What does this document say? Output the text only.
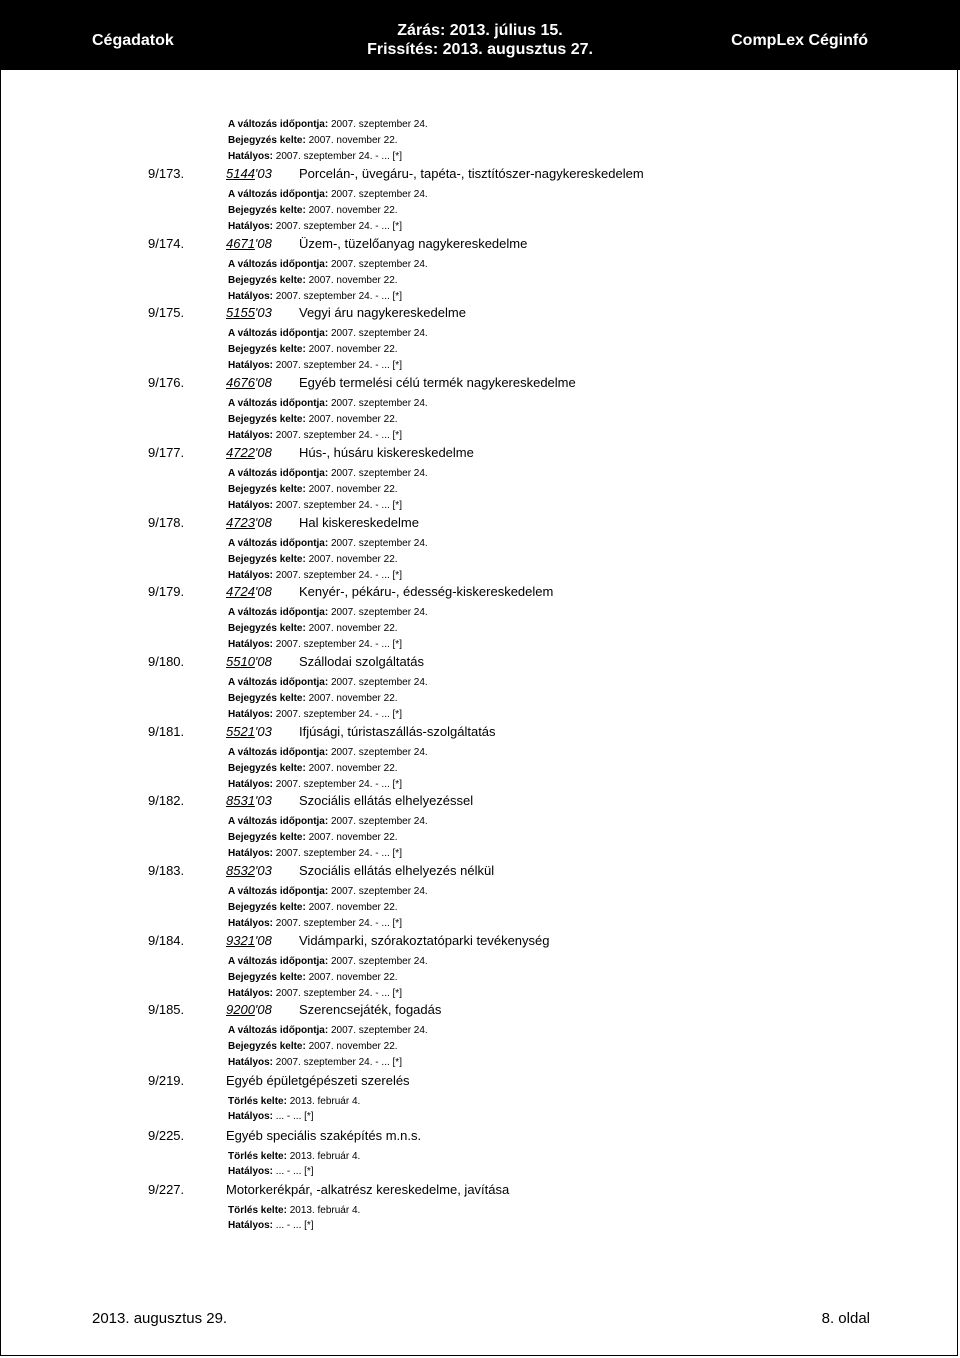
Cégadatok
Zárás: 2013. július 15.
Frissítés: 2013. augusztus 27.
CompLex Céginfó
A változás időpontja: 2007. szeptember 24.
Bejegyzés kelte: 2007. november 22.
Hatályos: 2007. szeptember 24. - ... [*]
9/173.	5144'03 Porcelán-, üvegáru-, tapéta-, tisztítószer-nagykereskedelem
A változás időpontja: 2007. szeptember 24.
Bejegyzés kelte: 2007. november 22.
Hatályos: 2007. szeptember 24. - ... [*]
9/174.	4671'08 Üzem-, tüzelőanyag nagykereskedelme
A változás időpontja: 2007. szeptember 24.
Bejegyzés kelte: 2007. november 22.
Hatályos: 2007. szeptember 24. - ... [*]
9/175.	5155'03 Vegyi áru nagykereskedelme
A változás időpontja: 2007. szeptember 24.
Bejegyzés kelte: 2007. november 22.
Hatályos: 2007. szeptember 24. - ... [*]
9/176.	4676'08 Egyéb termelési célú termék nagykereskedelme
A változás időpontja: 2007. szeptember 24.
Bejegyzés kelte: 2007. november 22.
Hatályos: 2007. szeptember 24. - ... [*]
9/177.	4722'08 Hús-, húsáru kiskereskedelme
A változás időpontja: 2007. szeptember 24.
Bejegyzés kelte: 2007. november 22.
Hatályos: 2007. szeptember 24. - ... [*]
9/178.	4723'08 Hal kiskereskedelme
A változás időpontja: 2007. szeptember 24.
Bejegyzés kelte: 2007. november 22.
Hatályos: 2007. szeptember 24. - ... [*]
9/179.	4724'08 Kenyér-, pékáru-, édesség-kiskereskedelem
A változás időpontja: 2007. szeptember 24.
Bejegyzés kelte: 2007. november 22.
Hatályos: 2007. szeptember 24. - ... [*]
9/180.	5510'08 Szállodai szolgáltatás
A változás időpontja: 2007. szeptember 24.
Bejegyzés kelte: 2007. november 22.
Hatályos: 2007. szeptember 24. - ... [*]
9/181.	5521'03 Ifjúsági, túristaszállás-szolgáltatás
A változás időpontja: 2007. szeptember 24.
Bejegyzés kelte: 2007. november 22.
Hatályos: 2007. szeptember 24. - ... [*]
9/182.	8531'03 Szociális ellátás elhelyezéssel
A változás időpontja: 2007. szeptember 24.
Bejegyzés kelte: 2007. november 22.
Hatályos: 2007. szeptember 24. - ... [*]
9/183.	8532'03 Szociális ellátás elhelyezés nélkül
A változás időpontja: 2007. szeptember 24.
Bejegyzés kelte: 2007. november 22.
Hatályos: 2007. szeptember 24. - ... [*]
9/184.	9321'08 Vidámparki, szórakoztatóparki tevékenység
A változás időpontja: 2007. szeptember 24.
Bejegyzés kelte: 2007. november 22.
Hatályos: 2007. szeptember 24. - ... [*]
9/185.	9200'08 Szerencsejáték, fogadás
A változás időpontja: 2007. szeptember 24.
Bejegyzés kelte: 2007. november 22.
Hatályos: 2007. szeptember 24. - ... [*]
9/219.	Egyéb épületgépészeti szerelés
Törlés kelte: 2013. február 4.
Hatályos: ... - ... [*]
9/225.	Egyéb speciális szaképítés m.n.s.
Törlés kelte: 2013. február 4.
Hatályos: ... - ... [*]
9/227.	Motorkerékpár, -alkatrész kereskedelme, javítása
Törlés kelte: 2013. február 4.
Hatályos: ... - ... [*]
2013. augusztus 29.	8. oldal
